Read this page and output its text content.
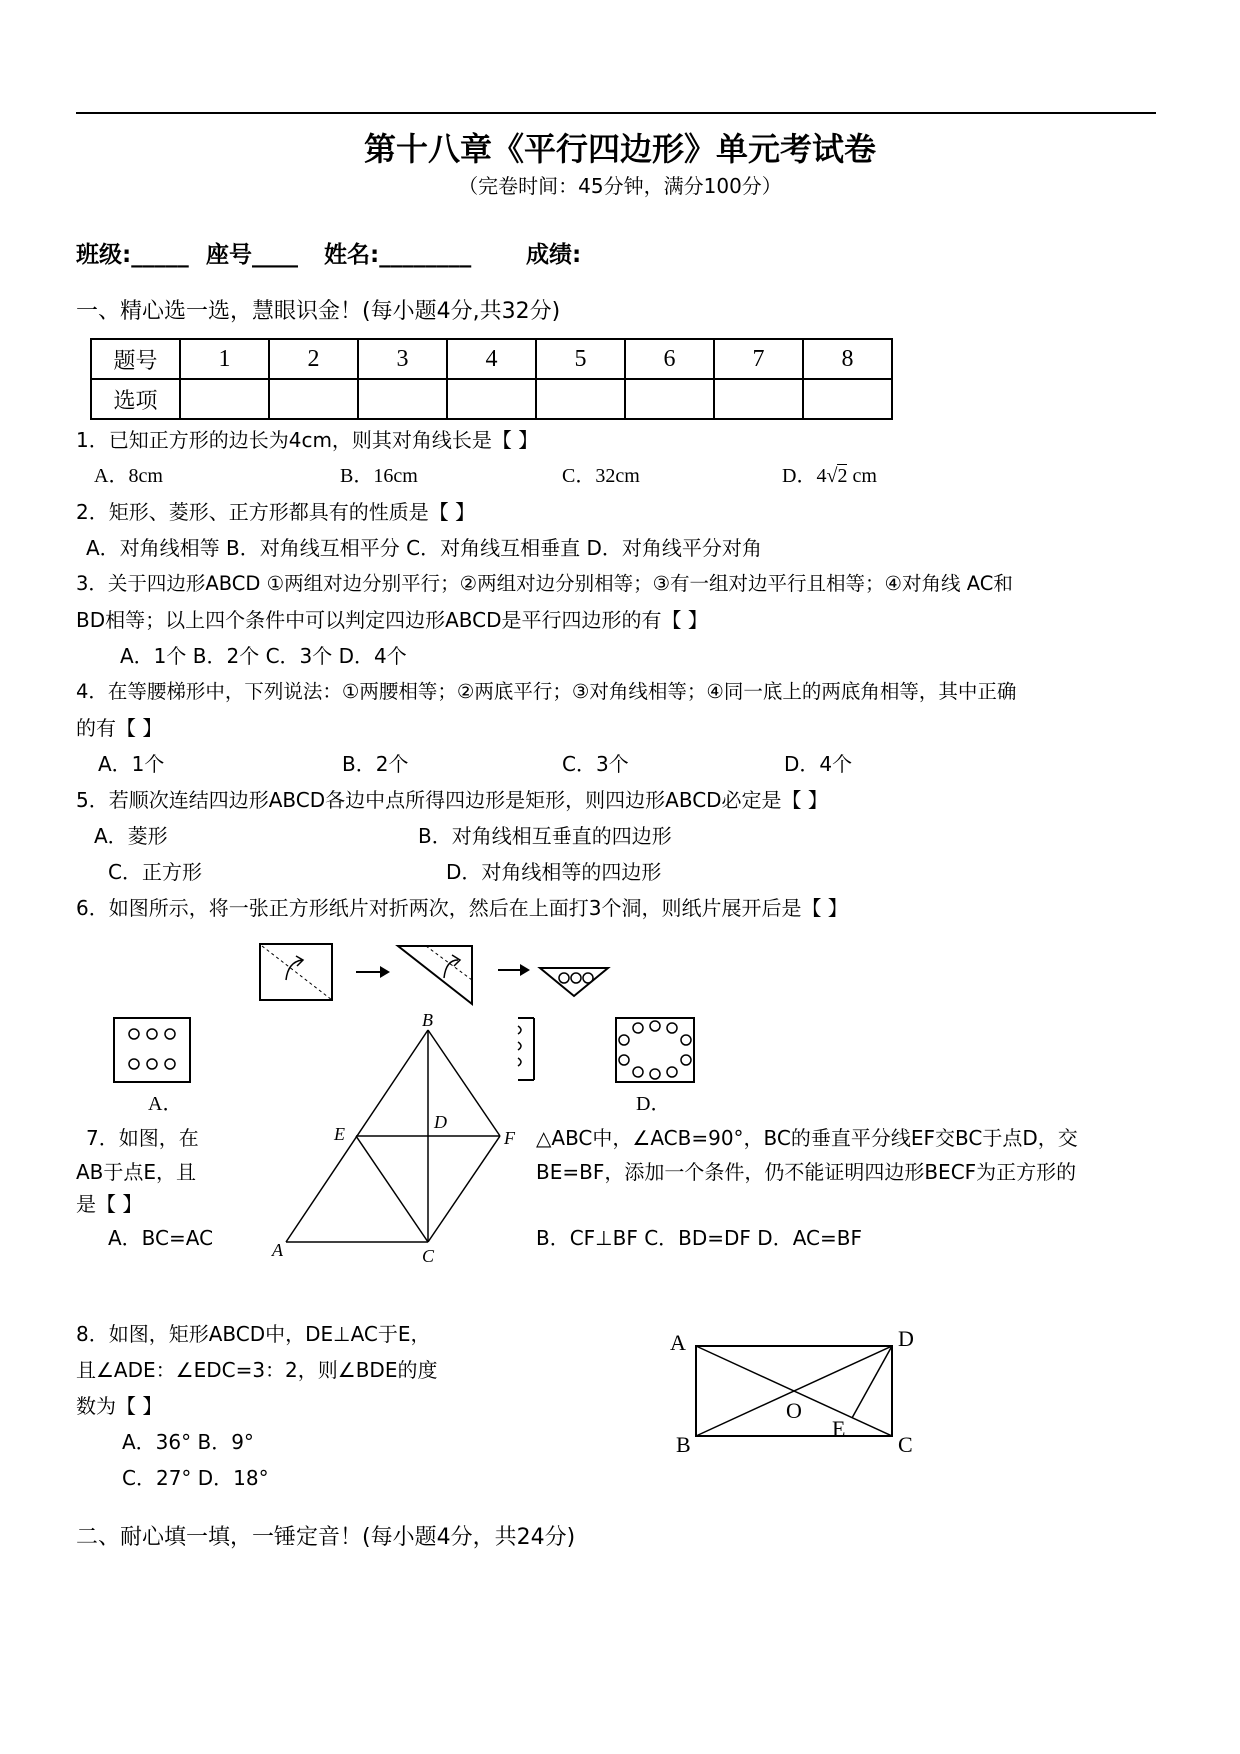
第十八章《平行四边形》单元考试卷
（完卷时间：45分钟，满分100分）
班级:_____ 座号____ 姓名:________ 成绩:
一、精心选一选，慧眼识金！(每小题4分,共32分)
题号	1	2	3	4	5	6	7	8
选项								
1．已知正方形的边长为4cm，则其对角线长是【 】
A．8cm	B．16cm	C．32cm	D．4√2 cm
2．矩形、菱形、正方形都具有的性质是【 】
A．对角线相等 B．对角线互相平分 C．对角线互相垂直 D．对角线平分对角
3．关于四边形ABCD ①两组对边分别平行；②两组对边分别相等；③有一组对边平行且相等；④对角线 AC和
BD相等；以上四个条件中可以判定四边形ABCD是平行四边形的有【 】
A．1个 B．2个 C．3个 D．4个
4．在等腰梯形中，下列说法：①两腰相等；②两底平行；③对角线相等；④同一底上的两底角相等，其中正确
的有【 】
A．1个	B．2个	C．3个	D．4个
5．若顺次连结四边形ABCD各边中点所得四边形是矩形，则四边形ABCD必定是【 】
A．菱形	B．对角线相互垂直的四边形
C．正方形	D．对角线相等的四边形
6．如图所示，将一张正方形纸片对折两次，然后在上面打3个洞，则纸片展开后是【 】
B
E
D
F
A	C
A	D
O
E
B	C
A．	D．
7．如图，在
AB于点E，且
是【 】
A．BC=AC
△ABC中，∠ACB=90°，BC的垂直平分线EF交BC于点D，交
BE=BF，添加一个条件，仍不能证明四边形BECF为正方形的
B．CF⊥BF C．BD=DF D．AC=BF
8．如图，矩形ABCD中，DE⊥AC于E，
且∠ADE：∠EDC=3：2，则∠BDE的度
数为【 】
A．36° B．9°
C．27° D．18°
二、耐心填一填，一锤定音！(每小题4分，共24分)
